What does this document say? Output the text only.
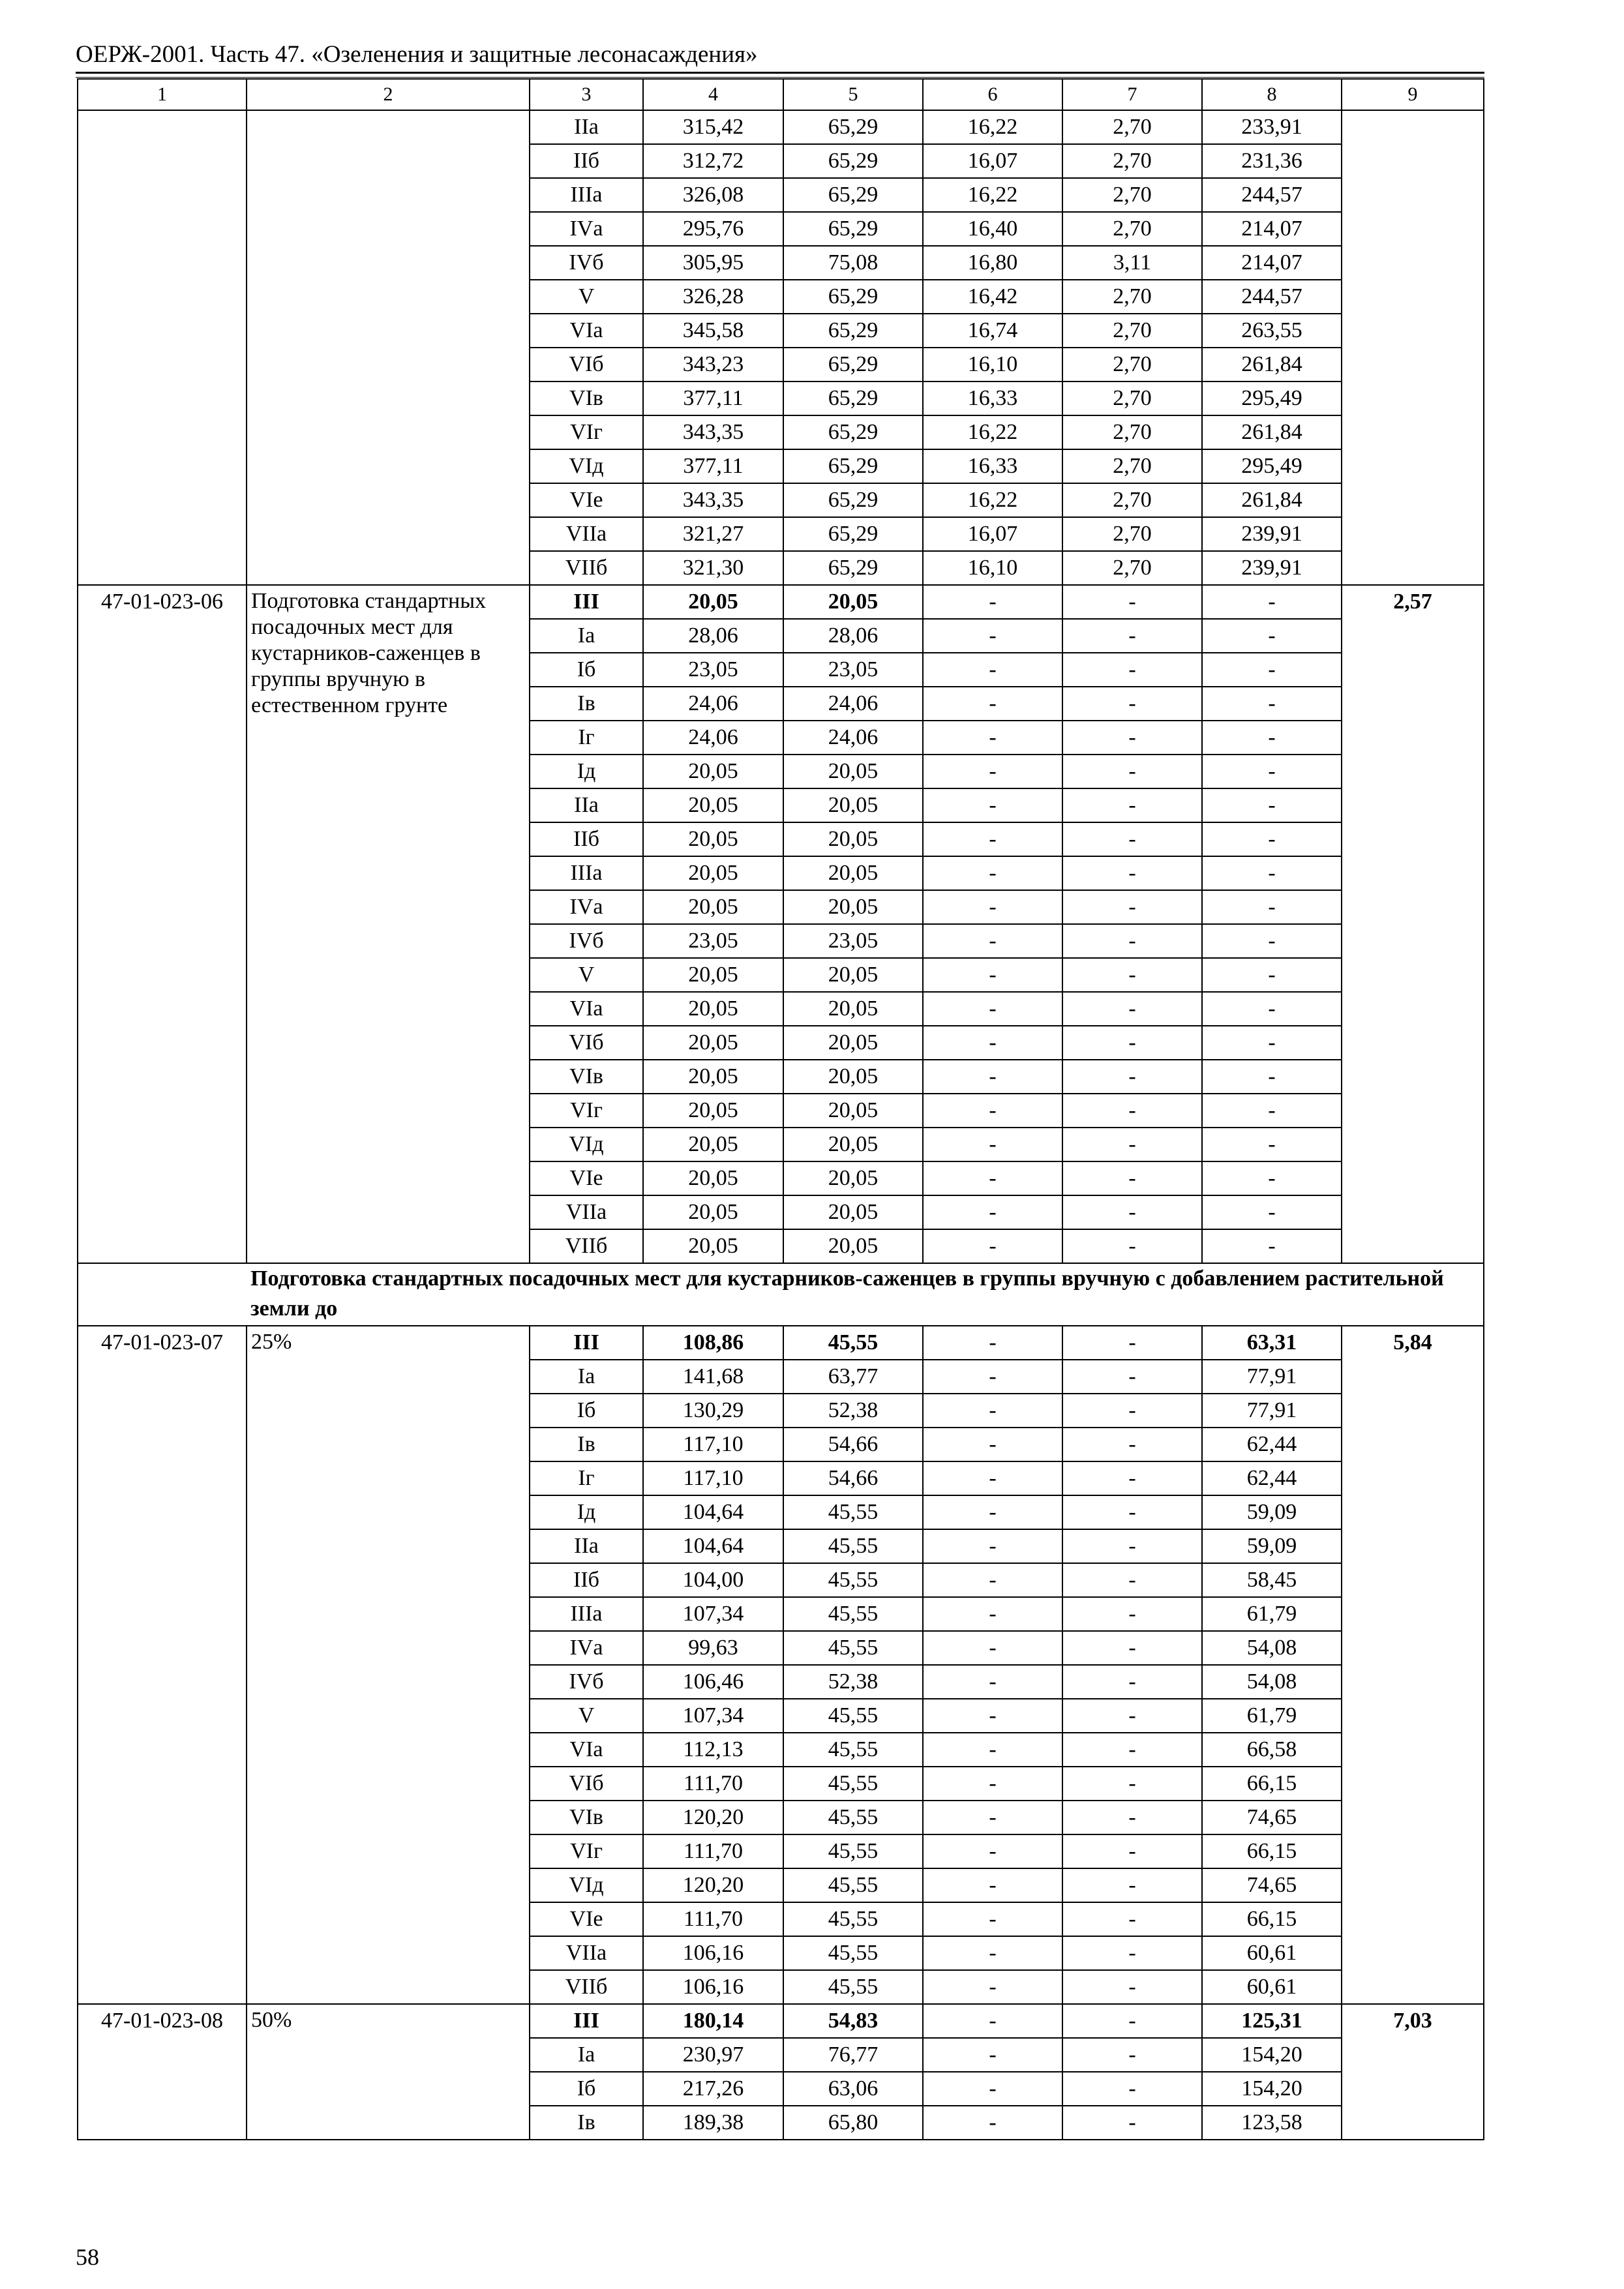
ОЕРЖ-2001. Часть 47. «Озеленения и защитные лесонасаждения»
1	2	3	4	5	6	7	8	9
		IIа	315,42	65,29	16,22	2,70	233,91	
		IIб	312,72	65,29	16,07	2,70	231,36	
		IIIа	326,08	65,29	16,22	2,70	244,57	
		IVа	295,76	65,29	16,40	2,70	214,07	
		IVб	305,95	75,08	16,80	3,11	214,07	
		V	326,28	65,29	16,42	2,70	244,57	
		VIа	345,58	65,29	16,74	2,70	263,55	
		VIб	343,23	65,29	16,10	2,70	261,84	
		VIв	377,11	65,29	16,33	2,70	295,49	
		VIг	343,35	65,29	16,22	2,70	261,84	
		VIд	377,11	65,29	16,33	2,70	295,49	
		VIе	343,35	65,29	16,22	2,70	261,84	
		VIIа	321,27	65,29	16,07	2,70	239,91	
		VIIб	321,30	65,29	16,10	2,70	239,91	
47-01-023-06	Подготовка стандартных посадочных мест для кустарников-саженцев в группы вручную в естественном грунте	III	20,05	20,05	-	-	-	2,57
		Iа	28,06	28,06	-	-	-	
		Iб	23,05	23,05	-	-	-	
		Iв	24,06	24,06	-	-	-	
		Iг	24,06	24,06	-	-	-	
		Iд	20,05	20,05	-	-	-	
		IIа	20,05	20,05	-	-	-	
		IIб	20,05	20,05	-	-	-	
		IIIа	20,05	20,05	-	-	-	
		IVа	20,05	20,05	-	-	-	
		IVб	23,05	23,05	-	-	-	
		V	20,05	20,05	-	-	-	
		VIа	20,05	20,05	-	-	-	
		VIб	20,05	20,05	-	-	-	
		VIв	20,05	20,05	-	-	-	
		VIг	20,05	20,05	-	-	-	
		VIд	20,05	20,05	-	-	-	
		VIе	20,05	20,05	-	-	-	
		VIIа	20,05	20,05	-	-	-	
		VIIб	20,05	20,05	-	-	-	
	Подготовка стандартных посадочных мест для кустарников-саженцев в группы вручную с добавлением растительной земли до							
47-01-023-07	25%	III	108,86	45,55	-	-	63,31	5,84
		Iа	141,68	63,77	-	-	77,91	
		Iб	130,29	52,38	-	-	77,91	
		Iв	117,10	54,66	-	-	62,44	
		Iг	117,10	54,66	-	-	62,44	
		Iд	104,64	45,55	-	-	59,09	
		IIа	104,64	45,55	-	-	59,09	
		IIб	104,00	45,55	-	-	58,45	
		IIIа	107,34	45,55	-	-	61,79	
		IVа	99,63	45,55	-	-	54,08	
		IVб	106,46	52,38	-	-	54,08	
		V	107,34	45,55	-	-	61,79	
		VIа	112,13	45,55	-	-	66,58	
		VIб	111,70	45,55	-	-	66,15	
		VIв	120,20	45,55	-	-	74,65	
		VIг	111,70	45,55	-	-	66,15	
		VIд	120,20	45,55	-	-	74,65	
		VIе	111,70	45,55	-	-	66,15	
		VIIа	106,16	45,55	-	-	60,61	
		VIIб	106,16	45,55	-	-	60,61	
47-01-023-08	50%	III	180,14	54,83	-	-	125,31	7,03
		Iа	230,97	76,77	-	-	154,20	
		Iб	217,26	63,06	-	-	154,20	
		Iв	189,38	65,80	-	-	123,58	
58
